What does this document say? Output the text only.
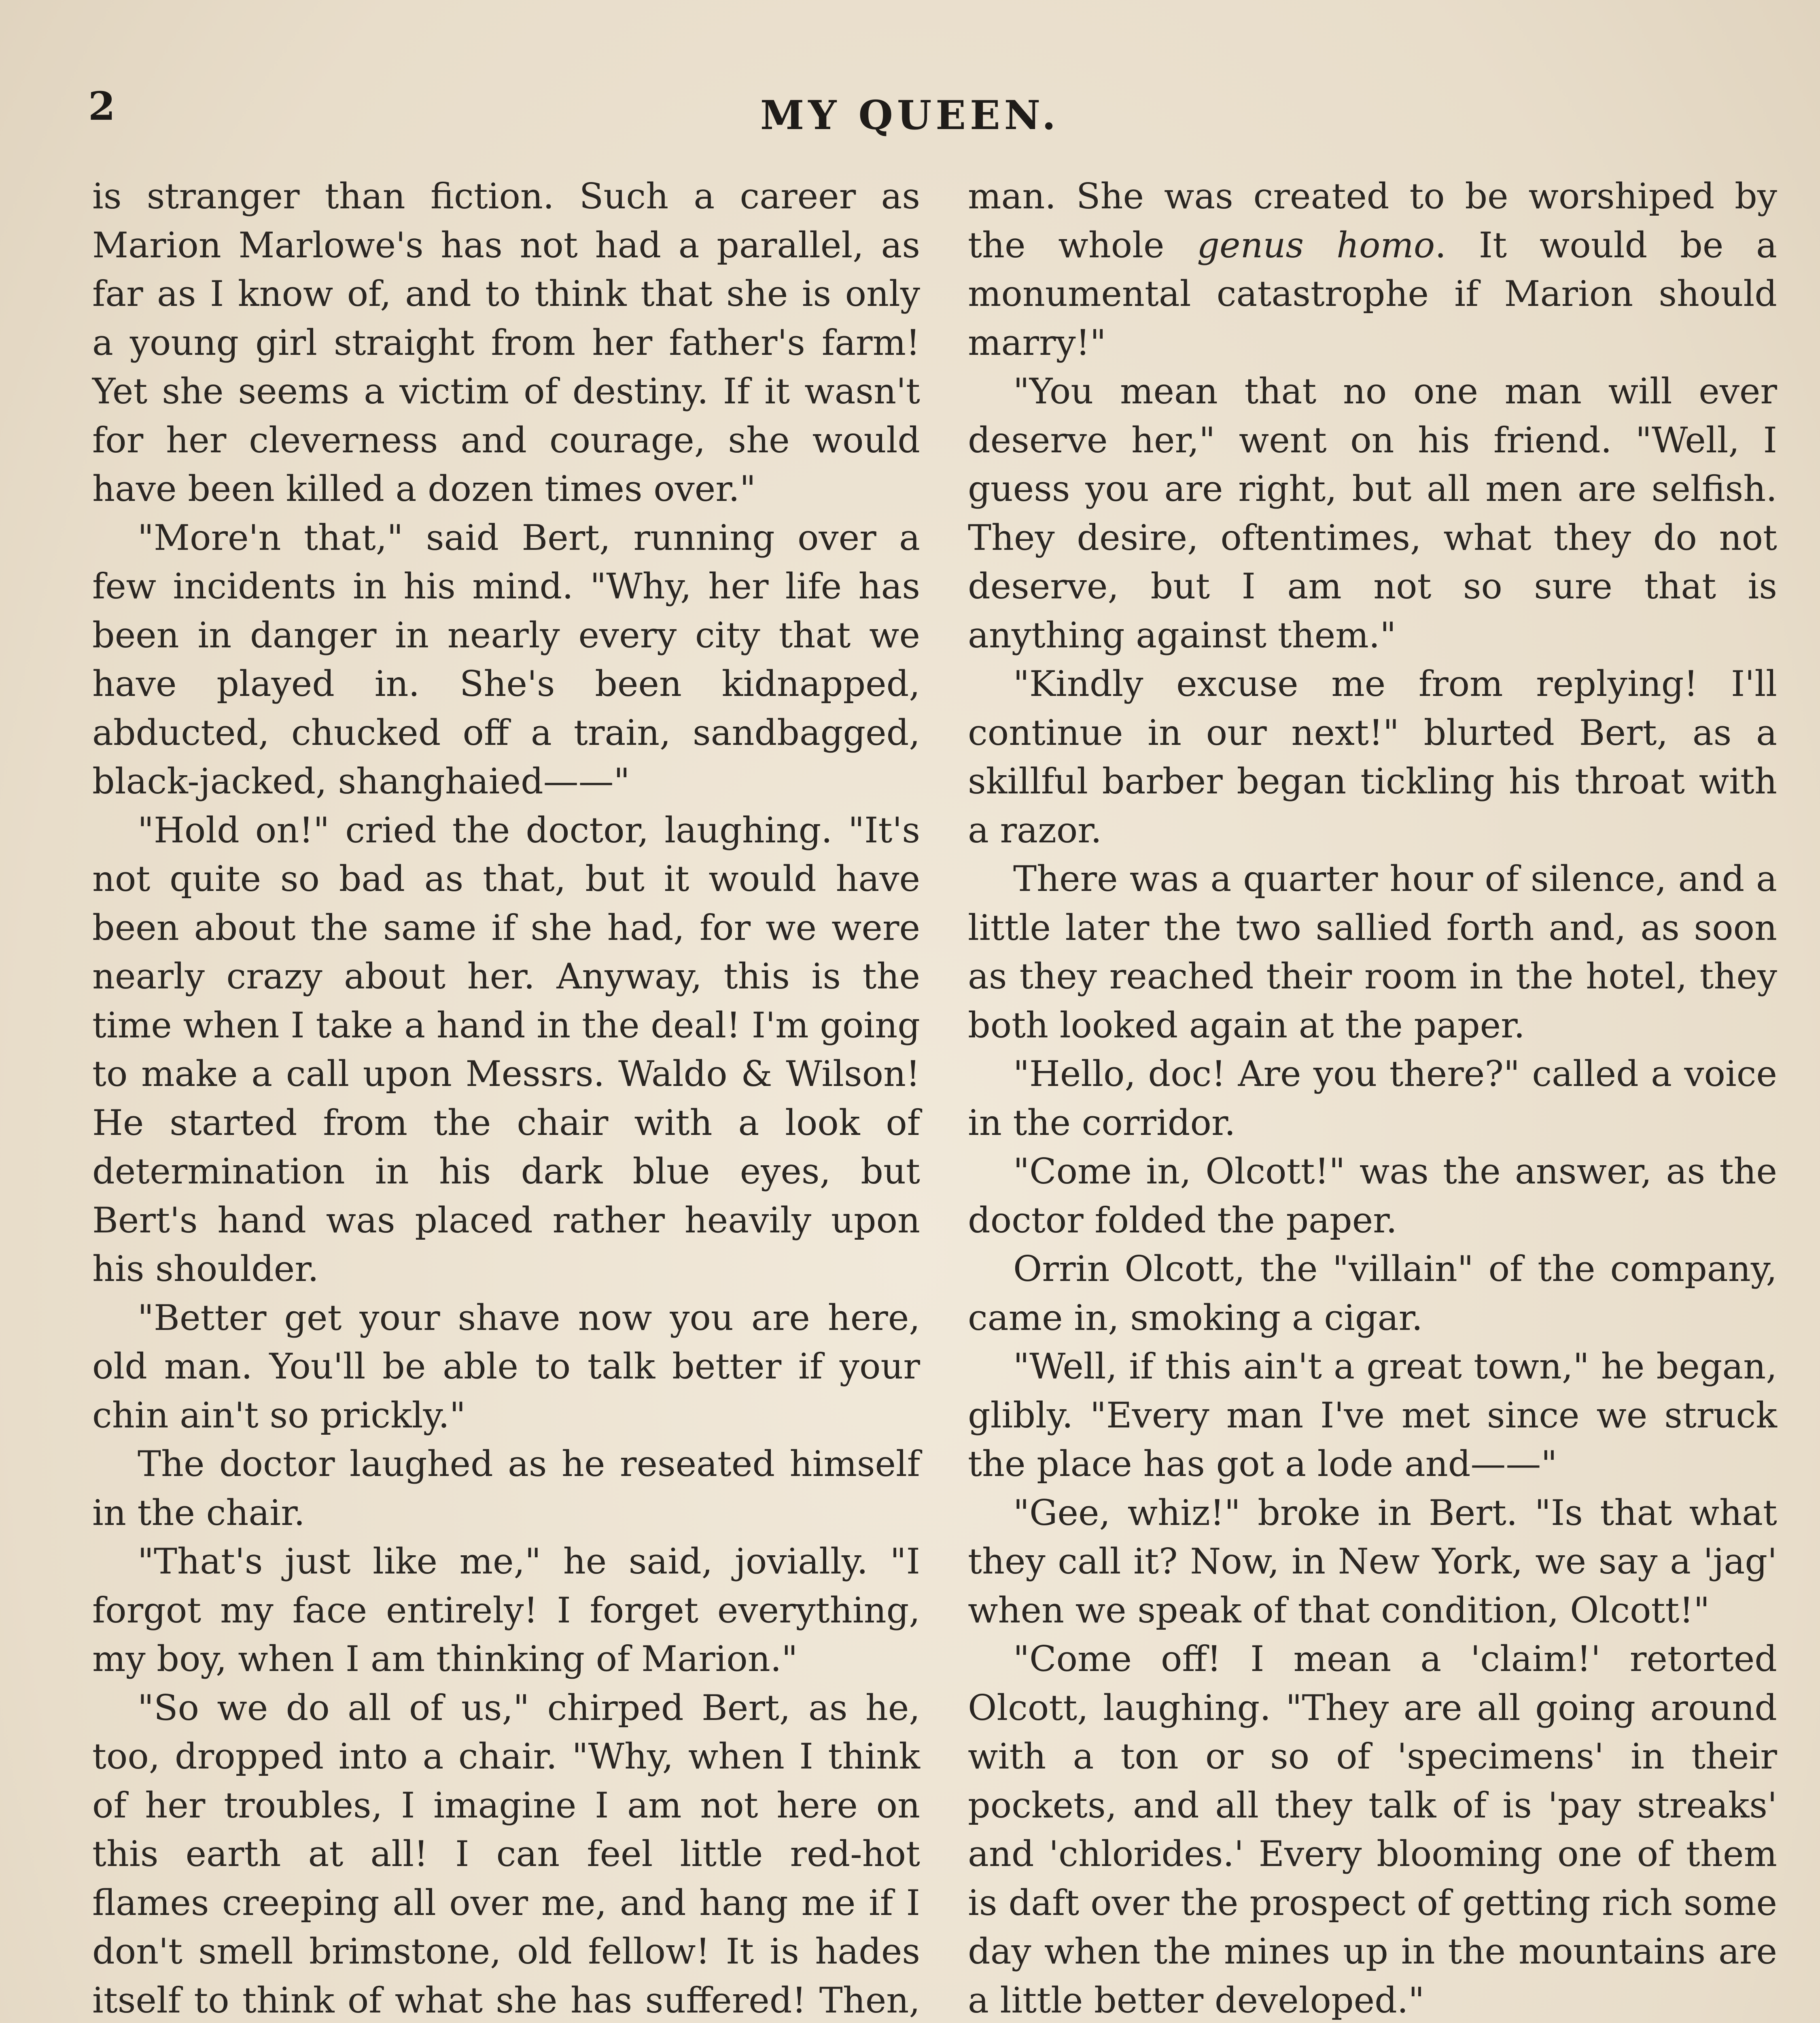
2	MY QUEEN.

is stranger than fiction. Such a career as Marion Marlowe's has not had a parallel, as far as I know of, and to think that she is only a young girl straight from her father's farm! Yet she seems a victim of destiny. If it wasn't for her cleverness and courage, she would have been killed a dozen times over."

"More'n that," said Bert, running over a few incidents in his mind. "Why, her life has been in danger in nearly every city that we have played in. She's been kidnapped, abducted, chucked off a train, sandbagged, black-jacked, shanghaied——"

"Hold on!" cried the doctor, laughing. "It's not quite so bad as that, but it would have been about the same if she had, for we were nearly crazy about her. Anyway, this is the time when I take a hand in the deal! I'm going to make a call upon Messrs. Waldo & Wilson! He started from the chair with a look of determination in his dark blue eyes, but Bert's hand was placed rather heavily upon his shoulder.

"Better get your shave now you are here, old man. You'll be able to talk better if your chin ain't so prickly."

The doctor laughed as he reseated himself in the chair.

"That's just like me," he said, jovially. "I forgot my face entirely! I forget everything, my boy, when I am thinking of Marion."

"So we do all of us," chirped Bert, as he, too, dropped into a chair. "Why, when I think of her troubles, I imagine I am not here on this earth at all! I can feel little red-hot flames creeping all over me, and hang me if I don't smell brimstone, old fellow! It is hades itself to think of what she has suffered! Then,

man. She was created to be worshiped by the whole genus homo. It would be a monumental catastrophe if Marion should marry!"

"You mean that no one man will ever deserve her," went on his friend. "Well, I guess you are right, but all men are selfish. They desire, oftentimes, what they do not deserve, but I am not so sure that is anything against them."

"Kindly excuse me from replying! I'll continue in our next!" blurted Bert, as a skillful barber began tickling his throat with a razor.

There was a quarter hour of silence, and a little later the two sallied forth and, as soon as they reached their room in the hotel, they both looked again at the paper.

"Hello, doc! Are you there?" called a voice in the corridor.

"Come in, Olcott!" was the answer, as the doctor folded the paper.

Orrin Olcott, the "villain" of the company, came in, smoking a cigar.

"Well, if this ain't a great town," he began, glibly. "Every man I've met since we struck the place has got a lode and——"

"Gee, whiz!" broke in Bert. "Is that what they call it? Now, in New York, we say a 'jag' when we speak of that condition, Olcott!"

"Come off! I mean a 'claim!' retorted Olcott, laughing. "They are all going around with a ton or so of 'specimens' in their pockets, and all they talk of is 'pay streaks' and 'chlorides.' Every blooming one of them is daft over the prospect of getting rich some day when the mines up in the mountains are a little better developed."
